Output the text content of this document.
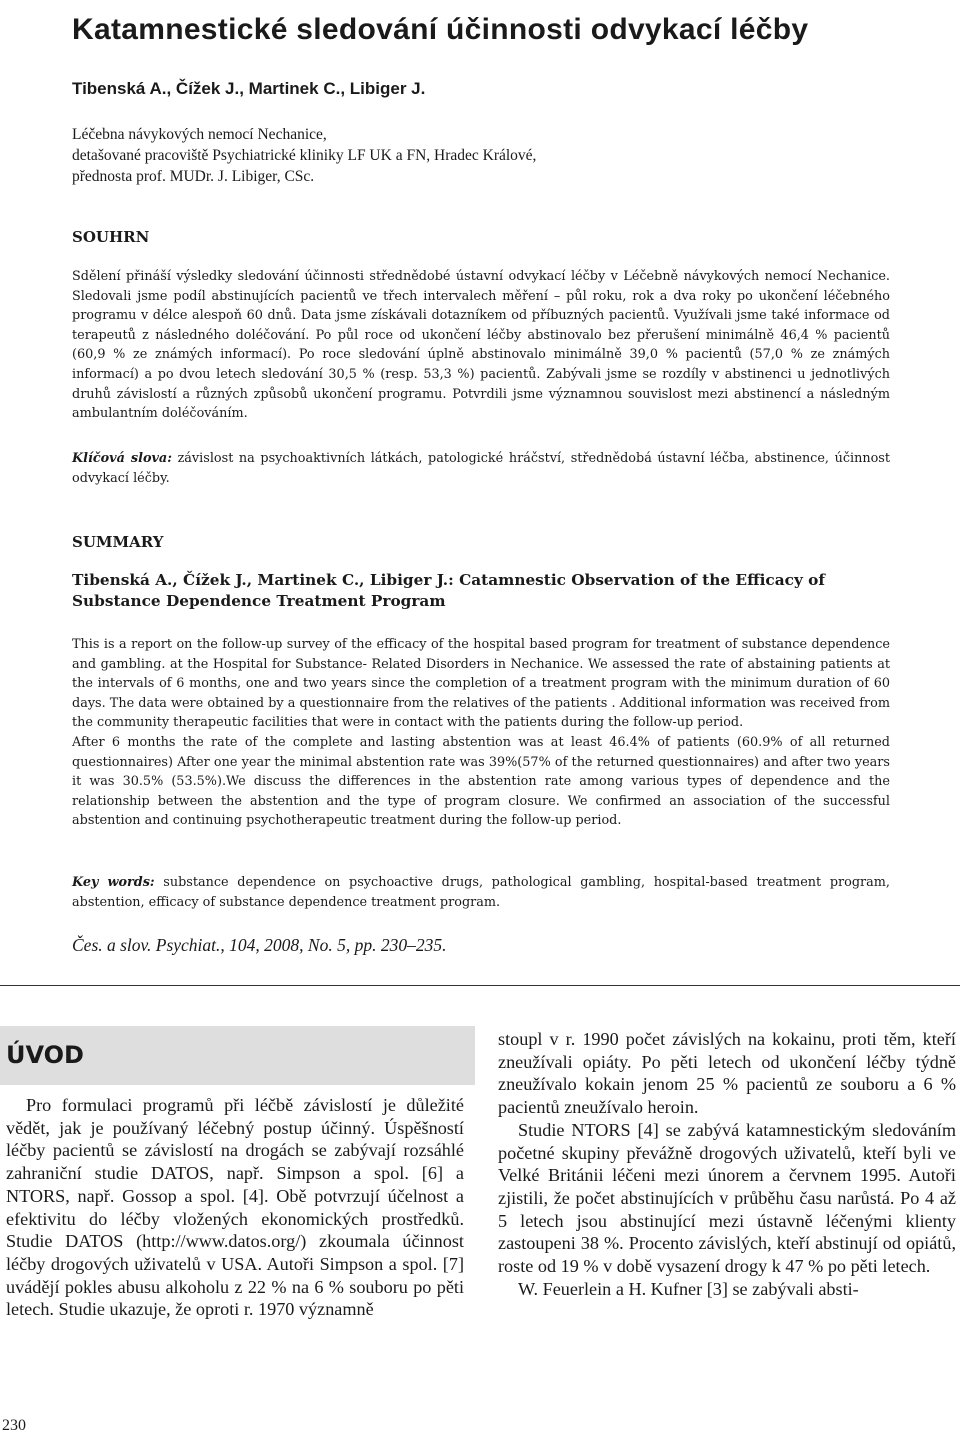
Katamnestické sledování účinnosti odvykací léčby
Tibenská A., Čížek J., Martinek C., Libiger J.
Léčebna návykových nemocí Nechanice,
detašované pracoviště Psychiatrické kliniky LF UK a FN, Hradec Králové,
přednosta prof. MUDr. J. Libiger, CSc.
SOUHRN

Sdělení přináší výsledky sledování účinnosti střednědobé ústavní odvykací léčby v Léčebně návykových nemocí Nechanice. Sledovali jsme podíl abstinujících pacientů ve třech intervalech měření – půl roku, rok a dva roky po ukončení léčebného programu v délce alespoň 60 dnů. Data jsme získávali dotazníkem od příbuzných pacientů. Využívali jsme také informace od terapeutů z následného doléčování. Po půl roce od ukončení léčby abstinovalo bez přerušení minimálně 46,4 % pacientů (60,9 % ze známých informací). Po roce sledování úplně abstinovalo minimálně 39,0 % pacientů (57,0 % ze známých informací) a po dvou letech sledování 30,5 % (resp. 53,3 %) pacientů. Zabývali jsme se rozdíly v abstinenci u jednotlivých druhů závislostí a různých způsobů ukončení programu. Potvrdili jsme významnou souvislost mezi abstinencí a následným ambulantním doléčováním.

Klíčová slova: závislost na psychoaktivních látkách, patologické hráčství, střednědobá ústavní léčba, abstinence, účinnost odvykací léčby.

SUMMARY
Tibenská A., Čížek J., Martinek C., Libiger J.: Catamnestic Observation of the Efficacy of Substance Dependence Treatment Program

This is a report on the follow-up survey of the efficacy of the hospital based program for treatment of substance dependence and gambling. at the Hospital for Substance- Related Disorders in Nechanice. We assessed the rate of abstaining patients at the intervals of 6 months, one and two years since the completion of a treatment program with the minimum duration of 60 days. The data were obtained by a questionnaire from the relatives of the patients . Additional information was received from the community therapeutic facilities that were in contact with the patients during the follow-up period.

After 6 months the rate of the complete and lasting abstention was at least 46.4% of patients (60.9% of all returned questionnaires) After one year the minimal abstention rate was 39%(57% of the returned questionnaires) and after two years it was 30.5% (53.5%).We discuss the differences in the abstention rate among various types of dependence and the relationship between the abstention and the type of program closure. We confirmed an association of the successful abstention and continuing psychotherapeutic treatment during the follow-up period.

Key words: substance dependence on psychoactive drugs, pathological gambling, hospital-based treatment program, abstention, efficacy of substance dependence treatment program.

Čes. a slov. Psychiat., 104, 2008, No. 5, pp. 230–235.
ÚVOD

Pro formulaci programů při léčbě závislostí je důležité vědět, jak je používaný léčebný postup účinný. Úspěšností léčby pacientů se závislostí na drogách se zabývají rozsáhlé zahraniční studie DATOS, např. Simpson a spol. [6] a NTORS, např. Gossop a spol. [4]. Obě potvrzují účelnost a efektivitu do léčby vložených ekonomických prostředků. Studie DATOS (http://www.datos.org/) zkoumala účinnost léčby drogových uživatelů v USA. Autoři Simpson a spol. [7] uvádějí pokles abusu alkoholu z 22 % na 6 % souboru po pěti letech. Studie ukazuje, že oproti r. 1970 významně

stoupl v r. 1990 počet závislých na kokainu, proti těm, kteří zneužívali opiáty. Po pěti letech od ukončení léčby týdně zneužívalo kokain jenom 25 % pacientů ze souboru a 6 % pacientů zneužívalo heroin.

Studie NTORS [4] se zabývá katamnestickým sledováním početné skupiny převážně drogových uživatelů, kteří byli ve Velké Británii léčeni mezi únorem a červnem 1995. Autoři zjistili, že počet abstinujících v průběhu času narůstá. Po 4 až 5 letech jsou abstinující mezi ústavně léčenými klienty zastoupeni 38 %. Procento závislých, kteří abstinují od opiátů, roste od 19 % v době vysazení drogy k 47 % po pěti letech.

W. Feuerlein a H. Kufner [3] se zabývali absti-

230
